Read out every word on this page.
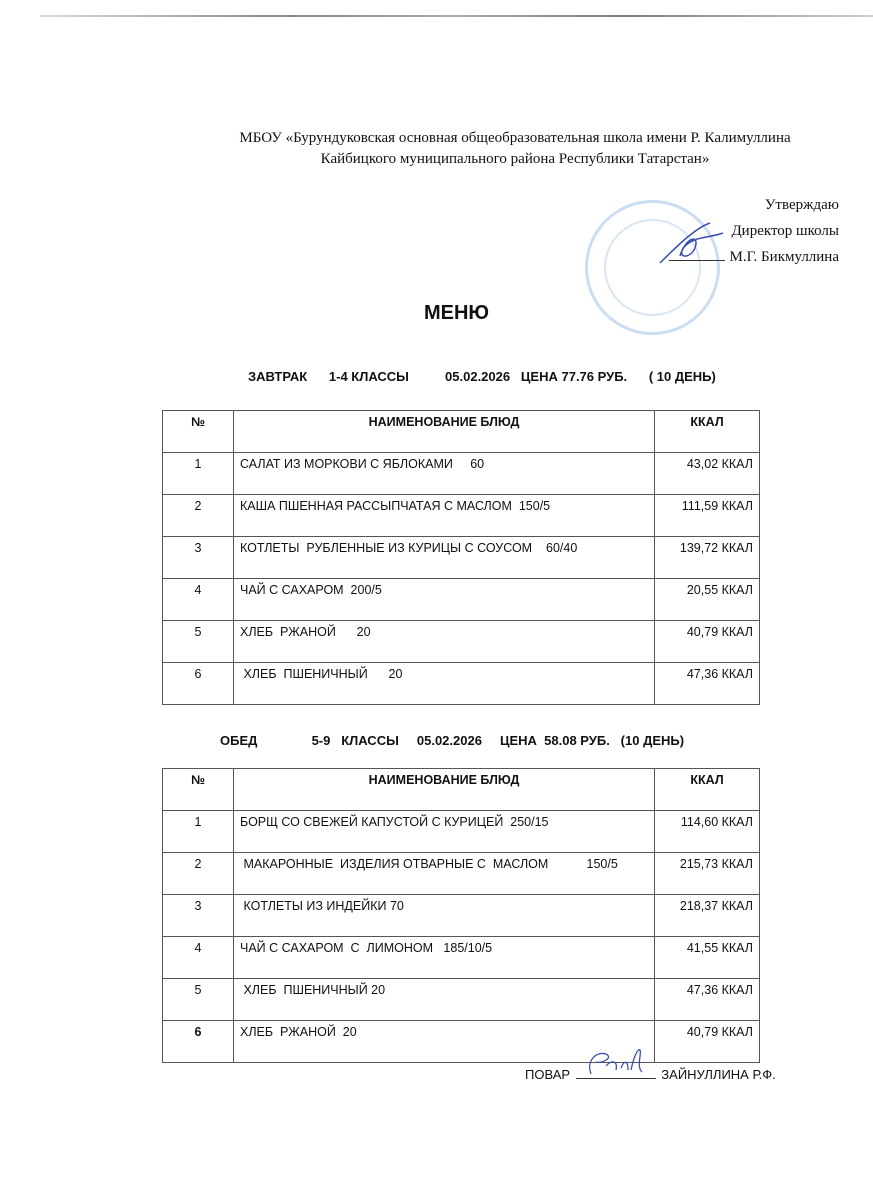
МБОУ «Бурундуковская основная общеобразовательная школа имени Р. Калимуллина
Кайбицкого муниципального района Республики Татарстан»
Утверждаю
Директор школы
М.Г. Бикмуллина
МЕНЮ
ЗАВТРАК      1-4 КЛАССЫ          05.02.2026   ЦЕНА 77.76 РУБ.      ( 10 ДЕНЬ)
№	НАИМЕНОВАНИЕ БЛЮД	ККАЛ
1	САЛАТ ИЗ МОРКОВИ С ЯБЛОКАМИ     60	43,02 ККАЛ
2	КАША ПШЕННАЯ РАССЫПЧАТАЯ С МАСЛОМ  150/5	111,59 ККАЛ
3	КОТЛЕТЫ  РУБЛЕННЫЕ ИЗ КУРИЦЫ С СОУСОМ    60/40	139,72 ККАЛ
4	ЧАЙ С САХАРОМ  200/5	20,55 ККАЛ
5	ХЛЕБ  РЖАНОЙ      20	40,79 ККАЛ
6	ХЛЕБ  ПШЕНИЧНЫЙ      20	47,36 ККАЛ
ОБЕД               5-9   КЛАССЫ     05.02.2026     ЦЕНА  58.08 РУБ.   (10 ДЕНЬ)
№	НАИМЕНОВАНИЕ БЛЮД	ККАЛ
1	БОРЩ СО СВЕЖЕЙ КАПУСТОЙ С КУРИЦЕЙ  250/15	114,60 ККАЛ
2	МАКАРОННЫЕ  ИЗДЕЛИЯ ОТВАРНЫЕ С  МАСЛОМ           150/5	215,73 ККАЛ
3	КОТЛЕТЫ ИЗ ИНДЕЙКИ 70	218,37 ККАЛ
4	ЧАЙ С САХАРОМ  С  ЛИМОНОМ   185/10/5	41,55 ККАЛ
5	ХЛЕБ  ПШЕНИЧНЫЙ 20	47,36 ККАЛ
6	ХЛЕБ  РЖАНОЙ  20	40,79 ККАЛ
ПОВАР	ЗАЙНУЛЛИНА Р.Ф.
